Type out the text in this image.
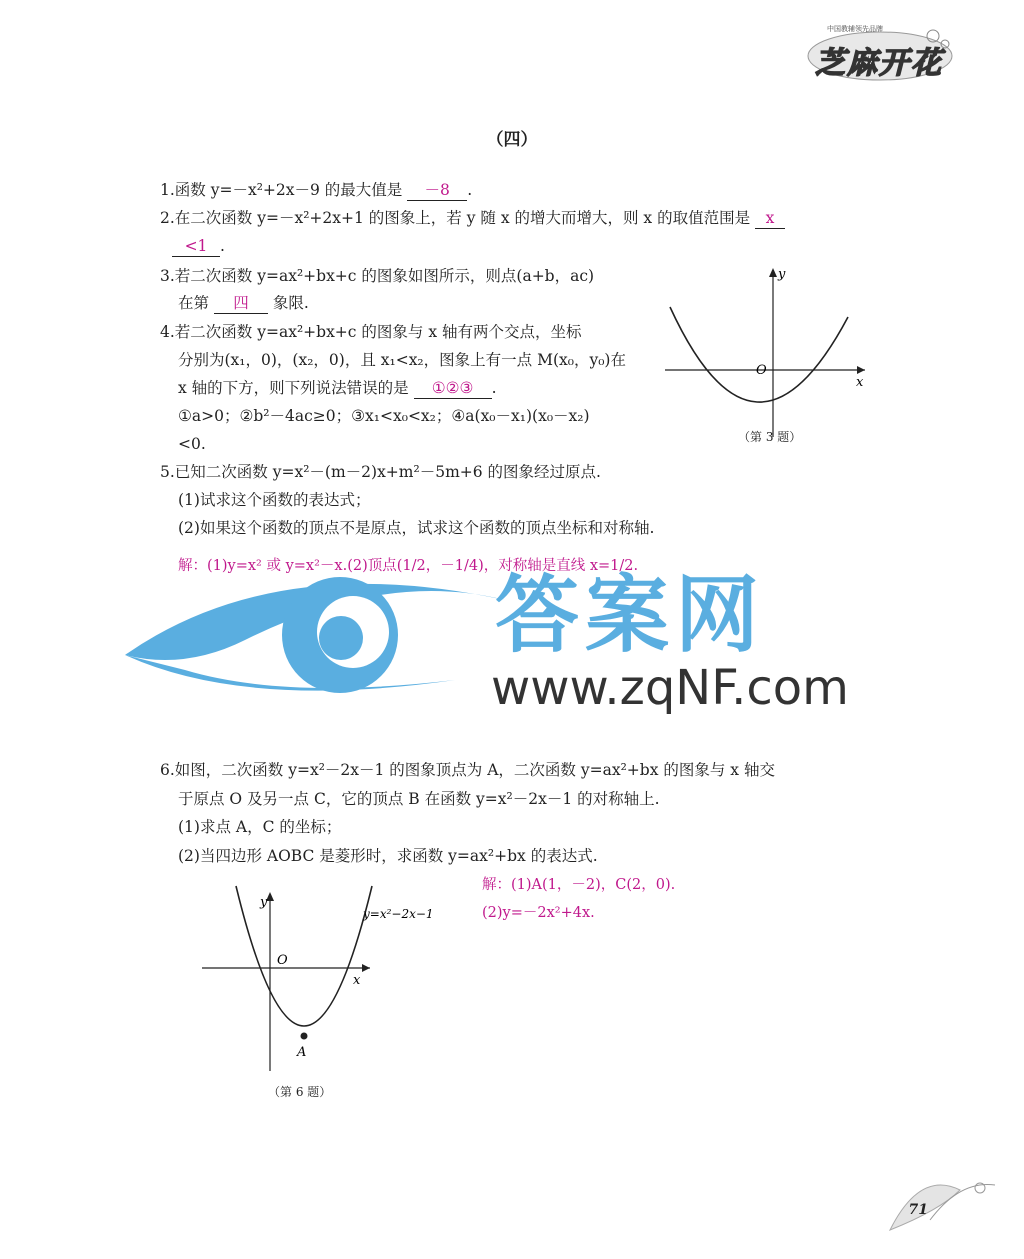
中国教辅领先品牌
芝麻开花
（四）
1.函数 y=－x²+2x－9 的最大值是 －8 .
2.在二次函数 y=－x²+2x+1 的图象上，若 y 随 x 的增大而增大，则 x 的取值范围是 x
<1 .
3.若二次函数 y=ax²+bx+c 的图象如图所示，则点(a+b，ac)
在第 四 象限.
4.若二次函数 y=ax²+bx+c 的图象与 x 轴有两个交点，坐标
分别为(x₁，0)，(x₂，0)，且 x₁<x₂，图象上有一点 M(x₀，y₀)在
x 轴的下方，则下列说法错误的是 ①②③ .
①a>0；②b²－4ac≥0；③x₁<x₀<x₂；④a(x₀－x₁)(x₀－x₂)
<0.
y
x
O
（第 3 题）
5.已知二次函数 y=x²－(m－2)x+m²－5m+6 的图象经过原点.
(1)试求这个函数的表达式；
(2)如果这个函数的顶点不是原点，试求这个函数的顶点坐标和对称轴.
解：(1)y=x² 或 y=x²－x.(2)顶点(1/2，－1/4)，对称轴是直线 x=1/2.
答案网
www.zqNF.com
6.如图，二次函数 y=x²－2x－1 的图象顶点为 A，二次函数 y=ax²+bx 的图象与 x 轴交
于原点 O 及另一点 C，它的顶点 B 在函数 y=x²－2x－1 的对称轴上.
(1)求点 A，C 的坐标；
(2)当四边形 AOBC 是菱形时，求函数 y=ax²+bx 的表达式.
解：(1)A(1，－2)，C(2，0).
(2)y=－2x²+4x.
y
x
O
A
y=x²−2x−1
（第 6 题）
71
